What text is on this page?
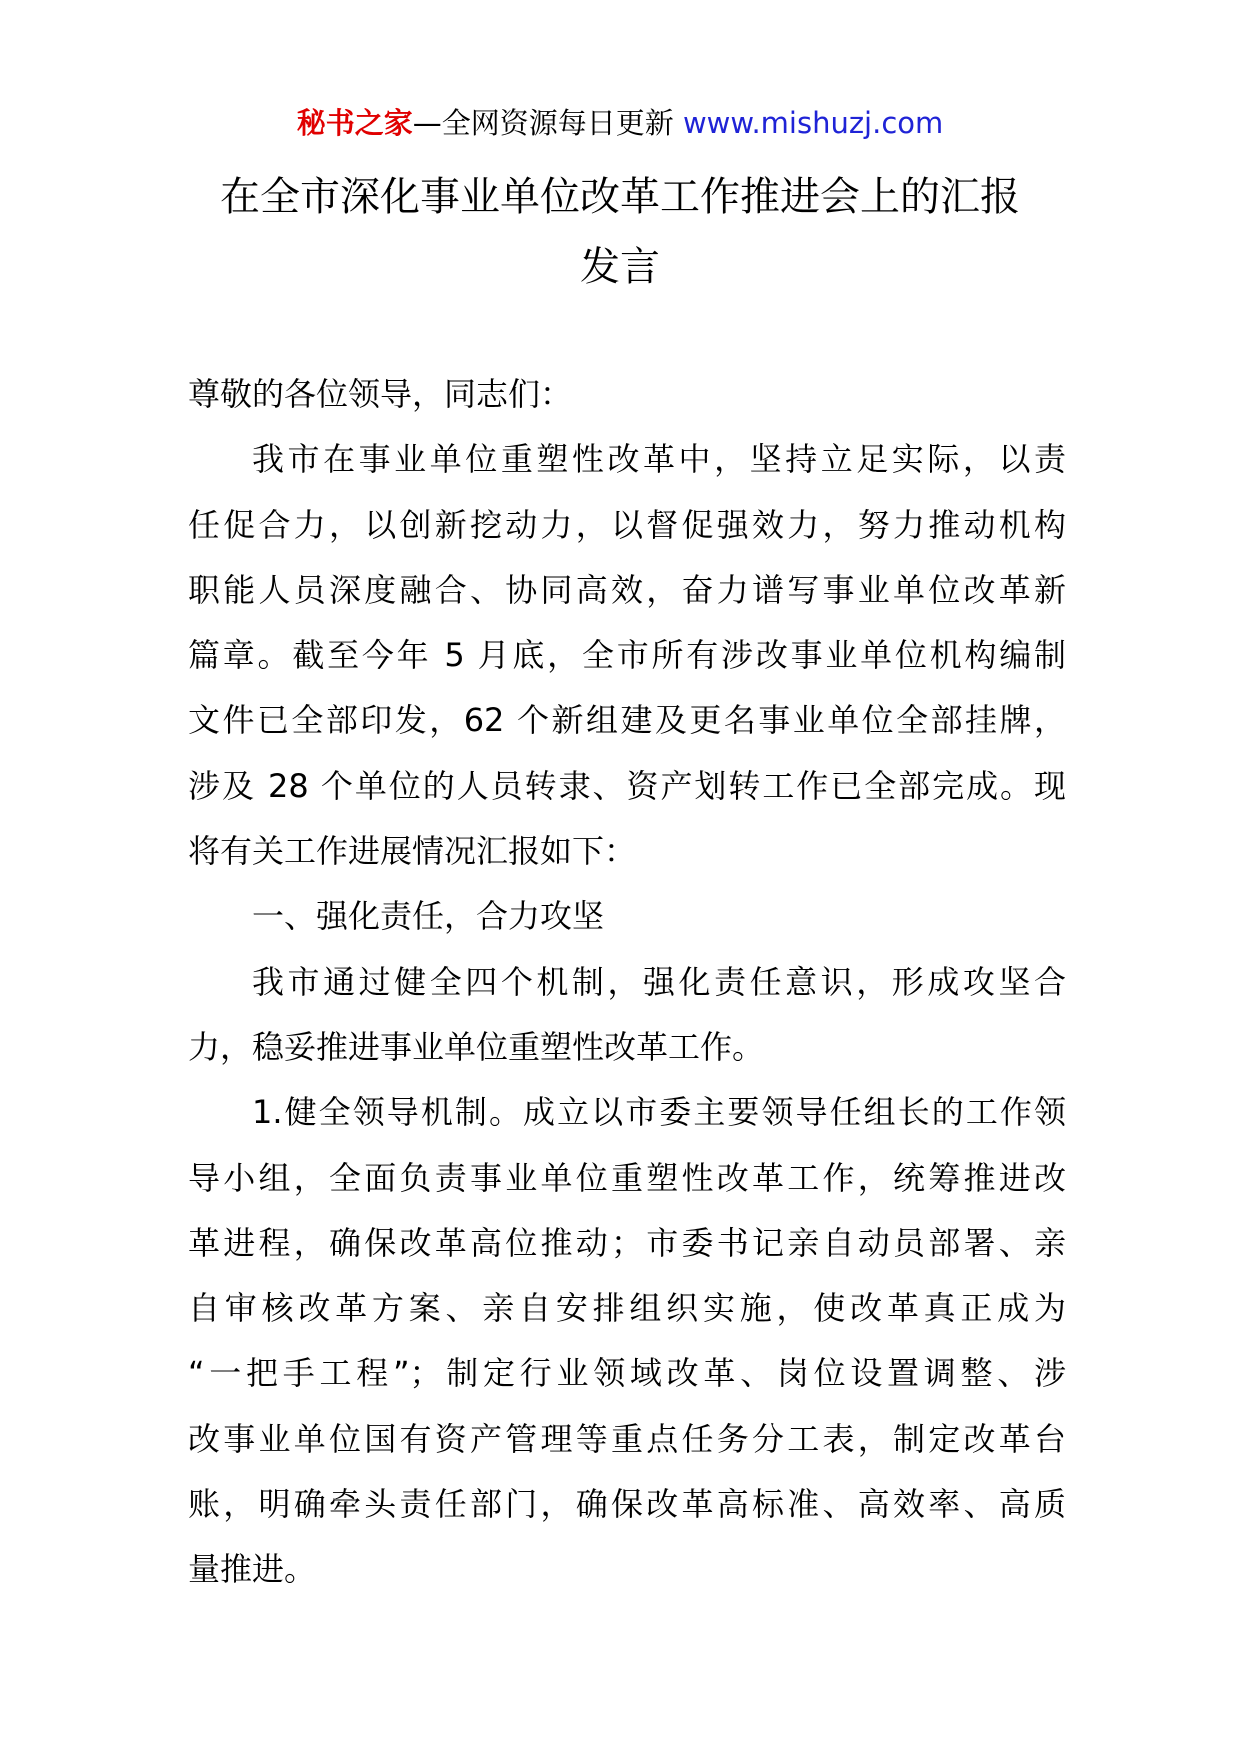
秘书之家—全网资源每日更新 www.mishuzj.com
在全市深化事业单位改革工作推进会上的汇报
发言
尊敬的各位领导，同志们：
我市在事业单位重塑性改革中，坚持立足实际，以责
任促合力，以创新挖动力，以督促强效力，努力推动机构
职能人员深度融合、协同高效，奋力谱写事业单位改革新
篇章。截至今年 5 月底，全市所有涉改事业单位机构编制
文件已全部印发，62 个新组建及更名事业单位全部挂牌，
涉及 28 个单位的人员转隶、资产划转工作已全部完成。现
将有关工作进展情况汇报如下：
一、强化责任，合力攻坚
我市通过健全四个机制，强化责任意识，形成攻坚合
力，稳妥推进事业单位重塑性改革工作。
1.健全领导机制。成立以市委主要领导任组长的工作领
导小组，全面负责事业单位重塑性改革工作，统筹推进改
革进程，确保改革高位推动；市委书记亲自动员部署、亲
自审核改革方案、亲自安排组织实施，使改革真正成为
“一把手工程”；制定行业领域改革、岗位设置调整、涉
改事业单位国有资产管理等重点任务分工表，制定改革台
账，明确牵头责任部门，确保改革高标准、高效率、高质
量推进。
